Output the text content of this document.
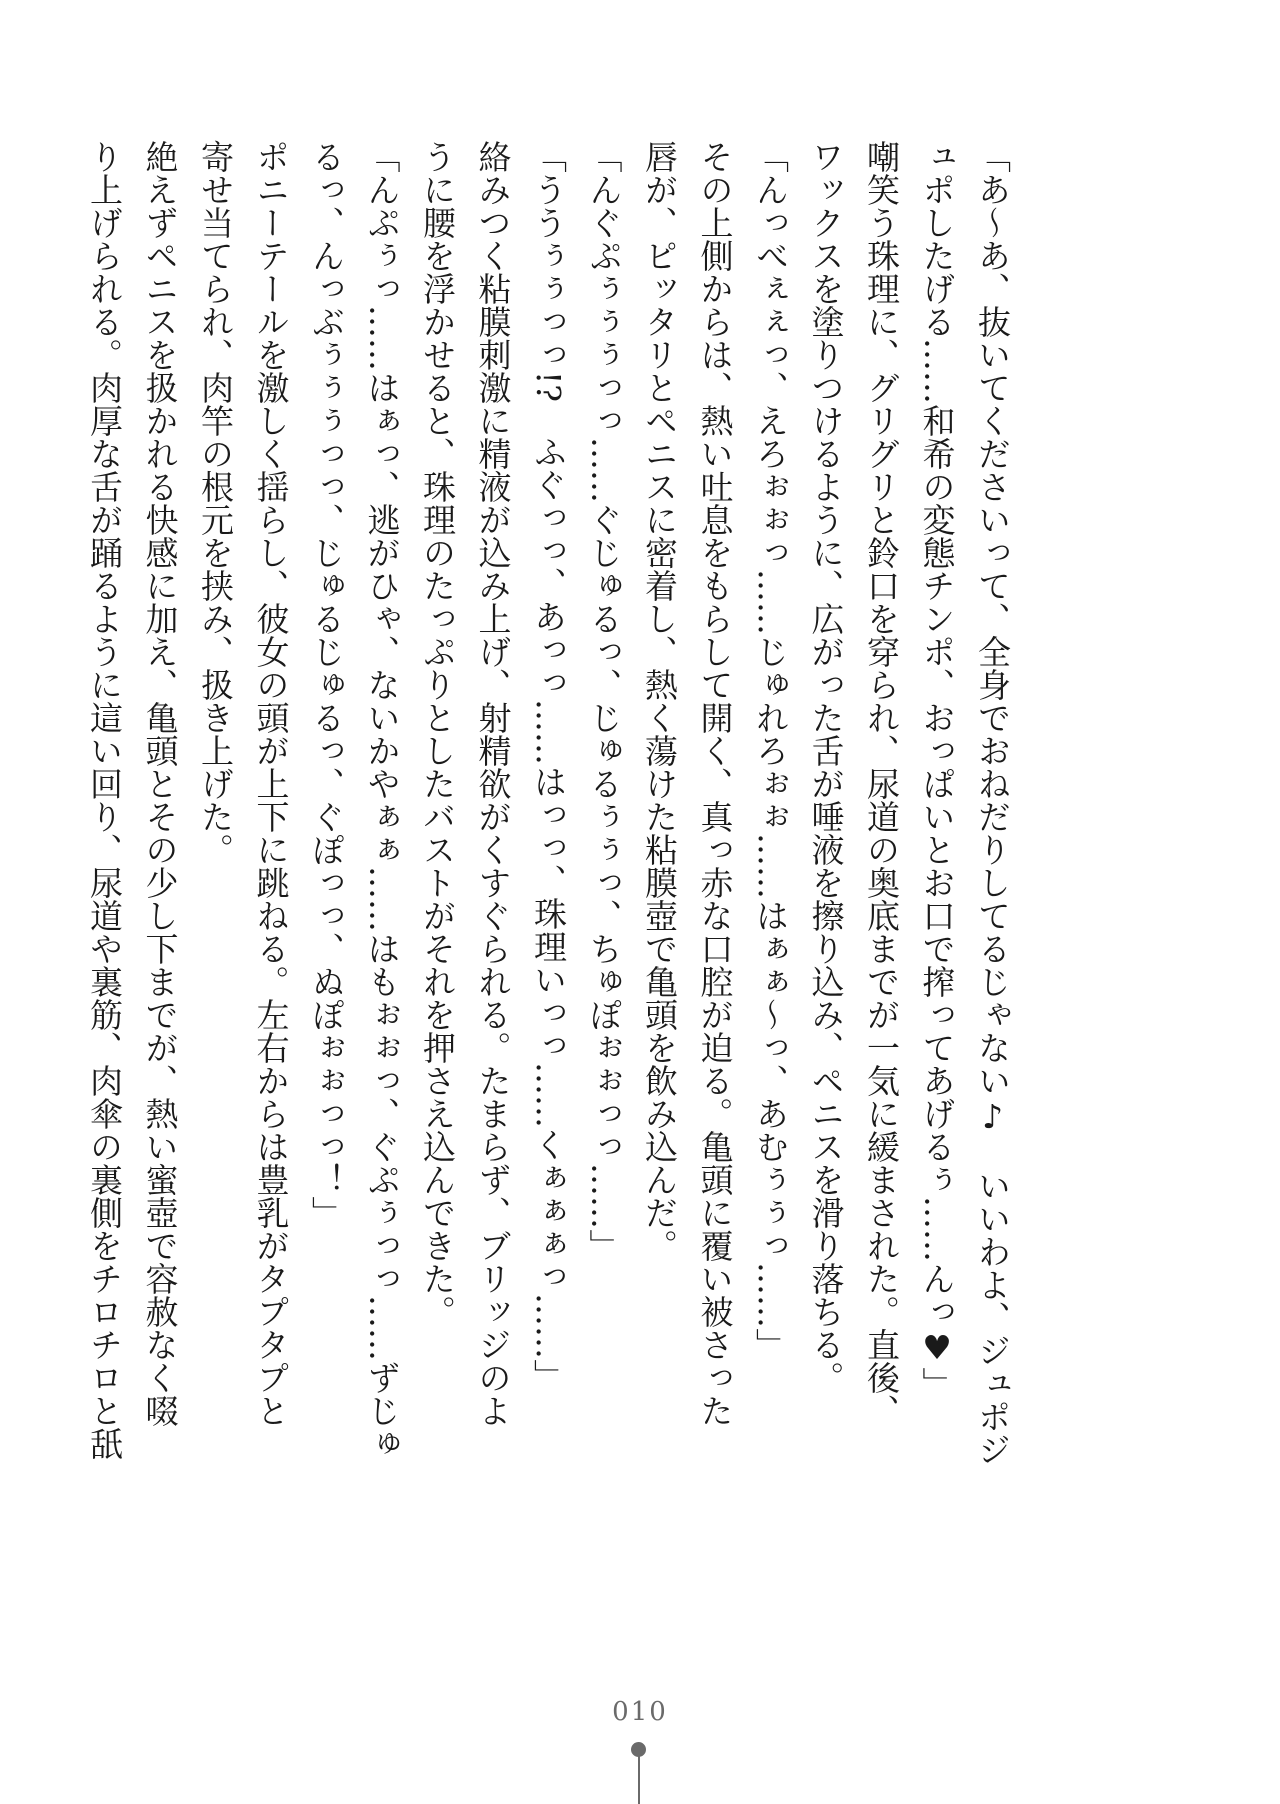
「あ～あ、抜いてくださいって、全身でおねだりしてるじゃない♪　いいわよ、ジュポジ

ュポしたげる……和希の変態チンポ、おっぱいとお口で搾ってあげるぅ……んっ♥」

嘲笑う珠理に、グリグリと鈴口を穿られ、尿道の奥底までが一気に緩まされた。直後、

ワックスを塗りつけるように、広がった舌が唾液を擦り込み、ペニスを滑り落ちる。

「んっべぇぇっ、えろぉぉっ……じゅれろぉぉ……はぁぁ～っ、あむぅぅっ……」

その上側からは、熱い吐息をもらして開く、真っ赤な口腔が迫る。亀頭に覆い被さった

唇が、ピッタリとペニスに密着し、熱く蕩けた粘膜壺で亀頭を飲み込んだ。

「んぐぷぅぅぅっっ……ぐじゅるっ、じゅるぅぅっ、ちゅぽぉぉっっ……」

「ううぅぅっっ!?　ふぐっっ、あっっ……はっっ、珠理いっっ……くぁぁぁっ……」

絡みつく粘膜刺激に精液が込み上げ、射精欲がくすぐられる。たまらず、ブリッジのよ

うに腰を浮かせると、珠理のたっぷりとしたバストがそれを押さえ込んできた。

「んぷぅっ……はぁっ、逃がひゃ、ないかやぁぁ……はもぉぉっ、ぐぷぅっっ……ずじゅ

るっ、んっぶぅぅぅっっ、じゅるじゅるっ、ぐぽっっ、ぬぽぉぉっっ！」

ポニーテールを激しく揺らし、彼女の頭が上下に跳ねる。左右からは豊乳がタプタプと

寄せ当てられ、肉竿の根元を挟み、扱き上げた。

絶えずペニスを扱かれる快感に加え、亀頭とその少し下までが、熱い蜜壺で容赦なく啜

り上げられる。肉厚な舌が踊るように這い回り、尿道や裏筋、肉傘の裏側をチロチロと舐

010
